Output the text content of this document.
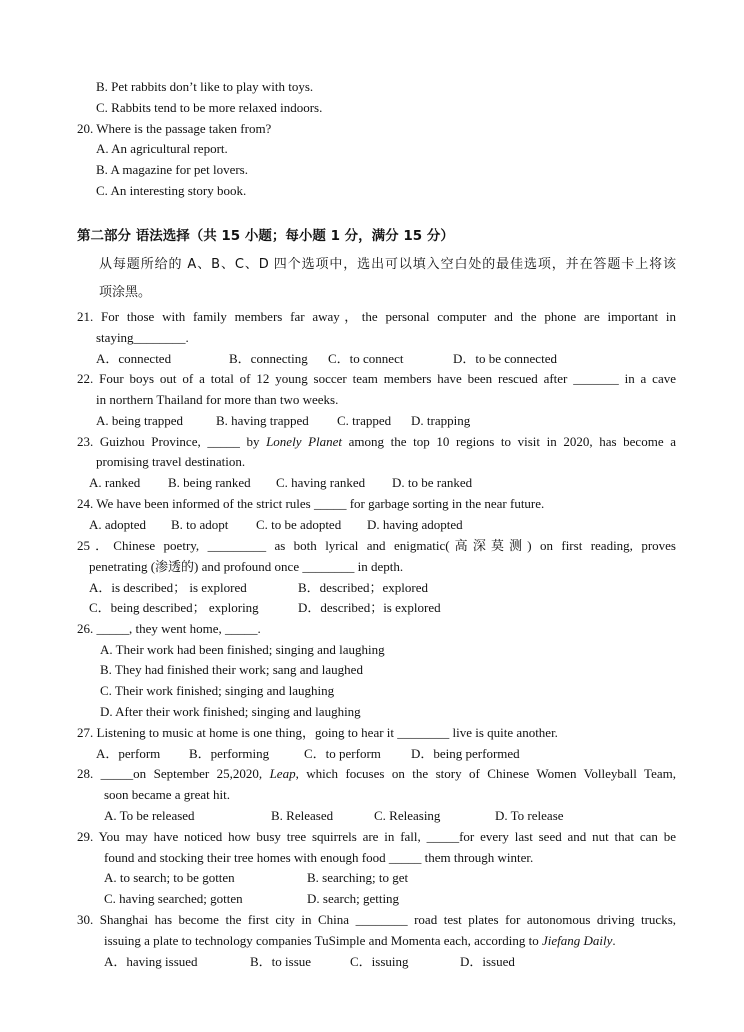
B. Pet rabbits don’t like to play with toys.
C. Rabbits tend to be more relaxed indoors.
20. Where is the passage taken from?
A. An agricultural report.
B. A magazine for pet lovers.
C. An interesting story book.
第二部分 语法选择（共 15 小题；每小题 1 分，满分 15 分）
从每题所给的 A、B、C、D 四个选项中，选出可以填入空白处的最佳选项，并在答题卡上将该
项涂黑。
21. For those with family members far away，the personal computer and the phone are important in
staying________.
A．connected	B．connecting C．to connect	D．to be connected
22. Four boys out of a total of 12 young soccer team members have been rescued after _______ in a cave
in northern Thailand for more than two weeks.
A. being trapped	B. having trapped C. trapped D. trapping
23. Guizhou Province, _____ by Lonely Planet among the top 10 regions to visit in 2020, has become a
promising travel destination.
A. ranked B. being ranked C. having ranked D. to be ranked
24. We have been informed of the strict rules _____ for garbage sorting in the near future.
A. adopted B. to adopt C. to be adopted D. having adopted
25．Chinese poetry, _________ as both lyrical and enigmatic(高深莫测) on first reading, proves
penetrating (渗透的) and profound once ________ in depth.
A．is described； is explored	B．described；explored
C．being described； exploring	D．described；is explored
26. _____, they went home, _____.
A. Their work had been finished; singing and laughing
B. They had finished their work; sang and laughed
C. Their work finished; singing and laughing
D. After their work finished; singing and laughing
27. Listening to music at home is one thing，going to hear it ________ live is quite another.
A．perform B．performing	C．to perform D．being performed
28. _____on September 25,2020, Leap, which focuses on the story of Chinese Women Volleyball Team,
soon became a great hit.
A. To be released	B. Released	C. Releasing	D. To release
29. You may have noticed how busy tree squirrels are in fall, _____for every last seed and nut that can be
found and stocking their tree homes with enough food _____ them through winter.
A. to search; to be gotten	B. searching; to get
C. having searched; gotten	D. search; getting
30. Shanghai has become the first city in China ________ road test plates for autonomous driving trucks,
issuing a plate to technology companies TuSimple and Momenta each, according to Jiefang Daily.
A．having issued	B．to issue	C．issuing	D．issued
